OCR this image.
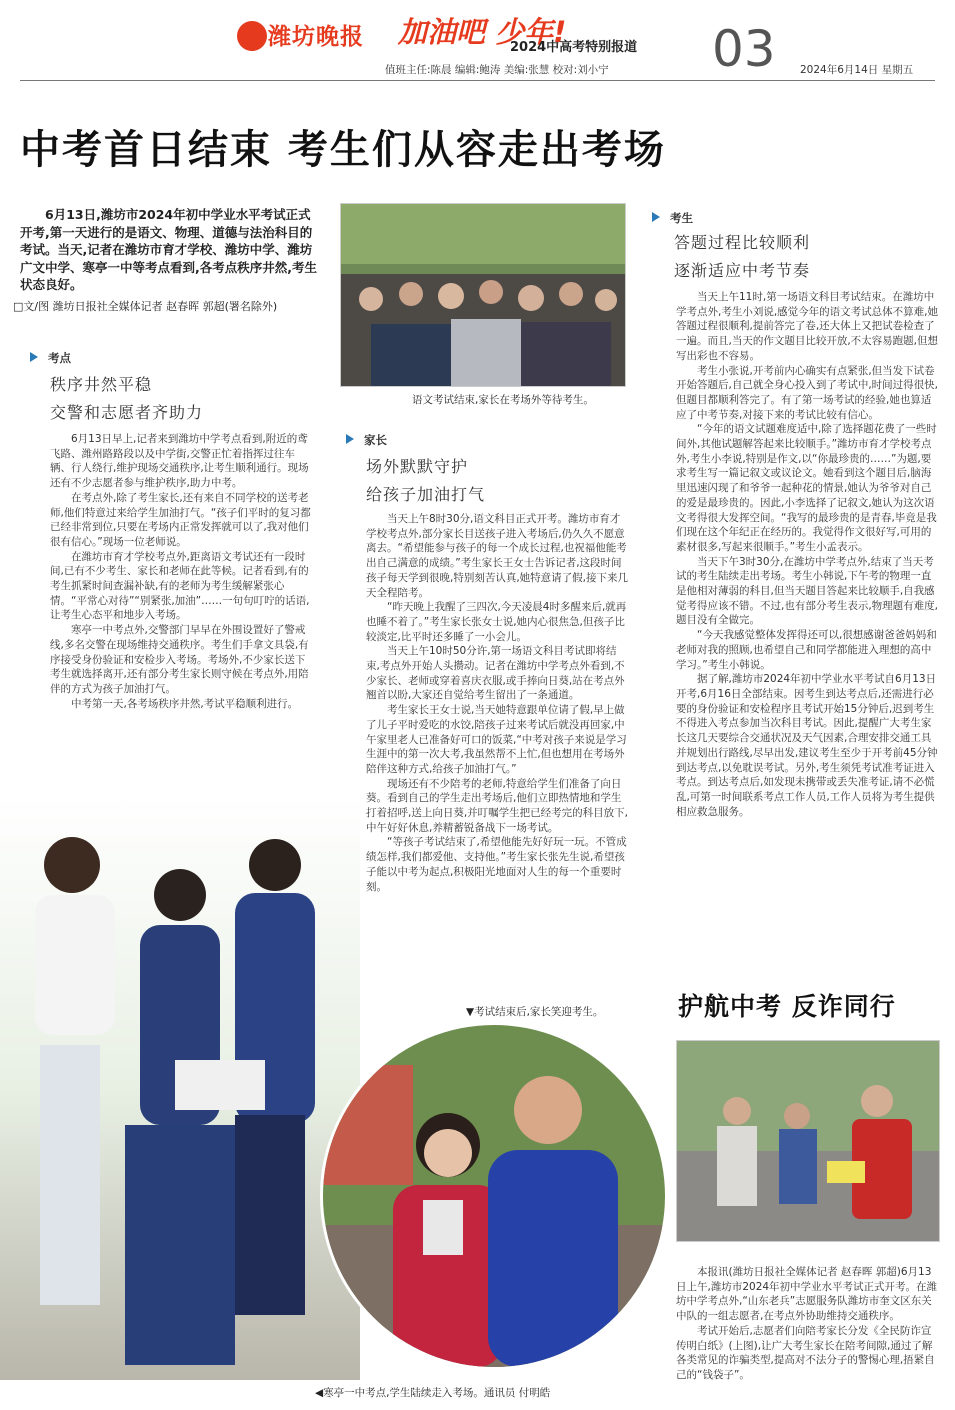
潍坊晚报 加油吧 少年!
2024中高考特别报道 03
值班主任:陈晨 编辑:鲍涛 美编:张慧 校对:刘小宁	2024年6月14日 星期五
中考首日结束 考生们从容走出考场
6月13日,潍坊市2024年初中学业水平考试正式开考,第一天进行的是语文、物理、道德与法治科目的考试。当天,记者在潍坊市育才学校、潍坊中学、潍坊广文中学、寒亭一中等考点看到,各考点秩序井然,考生状态良好。
□文/图 潍坊日报社全媒体记者 赵春晖 郭超(署名除外)
考点
秩序井然平稳
交警和志愿者齐助力

6月13日早上,记者来到潍坊中学考点看到,附近的鸢飞路、潍州路路段以及中学街,交警正忙着指挥过往车辆、行人绕行,维护现场交通秩序,让考生顺利通行。现场还有不少志愿者参与维护秩序,助力中考。

在考点外,除了考生家长,还有来自不同学校的送考老师,他们特意过来给学生加油打气。“孩子们平时的复习都已经非常到位,只要在考场内正常发挥就可以了,我对他们很有信心。”现场一位老师说。

在潍坊市育才学校考点外,距离语文考试还有一段时间,已有不少考生、家长和老师在此等候。记者看到,有的考生抓紧时间查漏补缺,有的老师为考生缓解紧张心情。“平常心对待”“别紧张,加油”……一句句叮咛的话语,让考生心态平和地步入考场。

寒亭一中考点外,交警部门早早在外围设置好了警戒线,多名交警在现场维持交通秩序。考生们手拿文具袋,有序接受身份验证和安检步入考场。考场外,不少家长送下考生就选择离开,还有部分考生家长则守候在考点外,用陪伴的方式为孩子加油打气。

中考第一天,各考场秩序井然,考试平稳顺利进行。

◀寒亭一中考点,学生陆续走入考场。通讯员 付明皓
语文考试结束,家长在考场外等待考生。
家长
场外默默守护
给孩子加油打气

当天上午8时30分,语文科目正式开考。潍坊市育才学校考点外,部分家长目送孩子进入考场后,仍久久不愿意离去。“希望能参与孩子的每一个成长过程,也祝福他能考出自己满意的成绩。”考生家长王女士告诉记者,这段时间孩子每天学到很晚,特别刻苦认真,她特意请了假,接下来几天全程陪考。

“昨天晚上我醒了三四次,今天凌晨4时多醒来后,就再也睡不着了。”考生家长张女士说,她内心很焦急,但孩子比较淡定,比平时还多睡了一小会儿。

当天上午10时50分许,第一场语文科目考试即将结束,考点外开始人头攒动。记者在潍坊中学考点外看到,不少家长、老师或穿着喜庆衣服,或手捧向日葵,站在考点外翘首以盼,大家还自觉给考生留出了一条通道。

考生家长王女士说,当天她特意跟单位请了假,早上做了儿子平时爱吃的水饺,陪孩子过来考试后就没再回家,中午家里老人已准备好可口的饭菜,“中考对孩子来说是学习生涯中的第一次大考,我虽然帮不上忙,但也想用在考场外陪伴这种方式,给孩子加油打气。”

现场还有不少陪考的老师,特意给学生们准备了向日葵。看到自己的学生走出考场后,他们立即热情地和学生打着招呼,送上向日葵,并叮嘱学生把已经考完的科目放下,中午好好休息,养精蓄锐备战下一场考试。

“等孩子考试结束了,希望他能先好好玩一玩。不管成绩怎样,我们都爱他、支持他。”考生家长张先生说,希望孩子能以中考为起点,积极阳光地面对人生的每一个重要时刻。

▼考试结束后,家长笑迎考生。
考生
答题过程比较顺利
逐渐适应中考节奏

当天上午11时,第一场语文科目考试结束。在潍坊中学考点外,考生小刘说,感觉今年的语文考试总体不算难,她答题过程很顺利,提前答完了卷,还大体上又把试卷检查了一遍。而且,当天的作文题目比较开放,不太容易跑题,但想写出彩也不容易。

考生小张说,开考前内心确实有点紧张,但当发下试卷开始答题后,自己就全身心投入到了考试中,时间过得很快,但题目都顺利答完了。有了第一场考试的经验,她也算适应了中考节奏,对接下来的考试比较有信心。

“今年的语文试题难度适中,除了选择题花费了一些时间外,其他试题解答起来比较顺手。”潍坊市育才学校考点外,考生小李说,特别是作文,以“你最珍贵的……”为题,要求考生写一篇记叙文或议论文。她看到这个题目后,脑海里迅速闪现了和爷爷一起种花的情景,她认为爷爷对自己的爱是最珍贵的。因此,小李选择了记叙文,她认为这次语文考得很大发挥空间。“我写的最珍贵的是青春,毕竟是我们现在这个年纪正在经历的。我觉得作文很好写,可用的素材很多,写起来很顺手。”考生小孟表示。

当天下午3时30分,在潍坊中学考点外,结束了当天考试的考生陆续走出考场。考生小韩说,下午考的物理一直是他相对薄弱的科目,但当天题目答起来比较顺手,自我感觉考得应该不错。不过,也有部分考生表示,物理题有难度,题目没有全做完。

“今天我感觉整体发挥得还可以,很想感谢爸爸妈妈和老师对我的照顾,也希望自己和同学都能进入理想的高中学习。”考生小韩说。

据了解,潍坊市2024年初中学业水平考试自6月13日开考,6月16日全部结束。因考生到达考点后,还需进行必要的身份验证和安检程序且考试开始15分钟后,迟到考生不得进入考点参加当次科目考试。因此,提醒广大考生家长这几天要综合交通状况及天气因素,合理安排交通工具并规划出行路线,尽早出发,建议考生至少于开考前45分钟到达考点,以免耽误考试。另外,考生须凭考试准考证进入考点。到达考点后,如发现未携带或丢失准考证,请不必慌乱,可第一时间联系考点工作人员,工作人员将为考生提供相应救急服务。

护航中考 反诈同行

本报讯(潍坊日报社全媒体记者 赵春晖 郭超)6月13日上午,潍坊市2024年初中学业水平考试正式开考。在潍坊中学考点外,“山东老兵”志愿服务队潍坊市奎文区东关中队的一组志愿者,在考点外协助维持交通秩序。

考试开始后,志愿者们向陪考家长分发《全民防诈宣传明白纸》(上图),让广大考生家长在陪考间隙,通过了解各类常见的诈骗类型,提高对不法分子的警惕心理,捂紧自己的“钱袋子”。
